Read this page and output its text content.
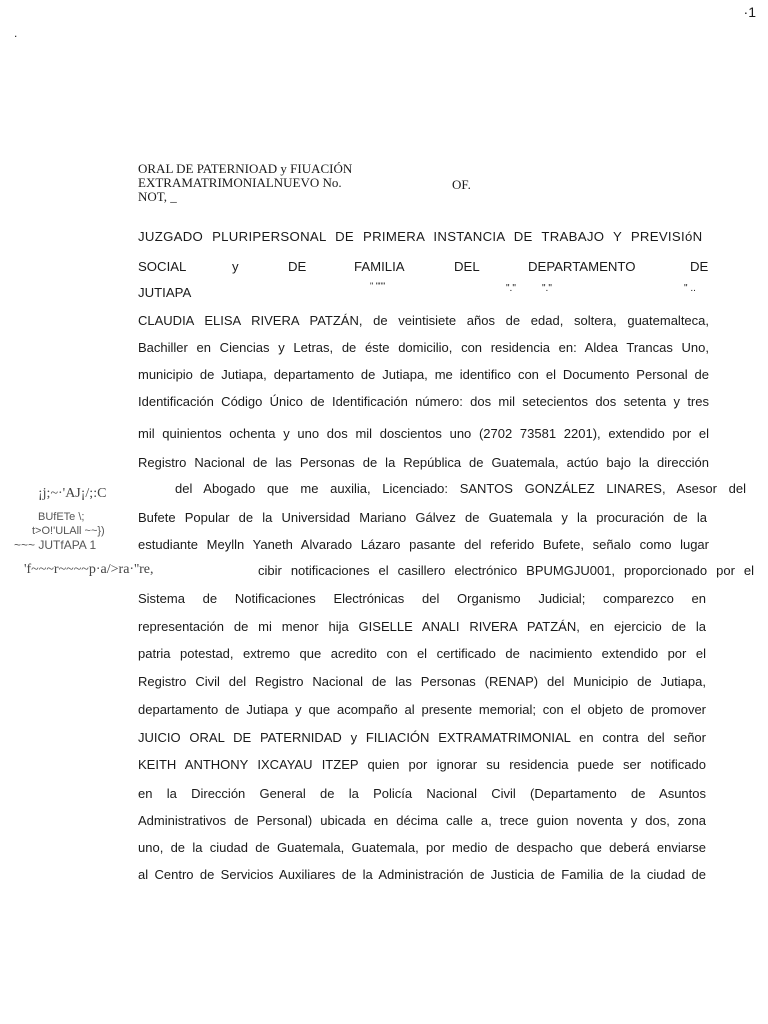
·1
.
ORAL DE PATERNIOAD y FIUACIÓN
EXTRAMATRIMONIALNUEVO No.
NOT, _
OF.
JUZGADO PLURIPERSONAL DE PRIMERA INSTANCIA DE TRABAJO Y PREVISIóN
SOCIAL	y	DE	FAMILIA	DEL	DEPARTAMENTO	DE
JUTIAPA	" """	"."	"."	" ..
CLAUDIA ELISA RIVERA PATZÁN, de veintisiete años de edad, soltera, guatemalteca,
Bachiller en Ciencias y Letras, de éste domicilio, con residencia en: Aldea Trancas Uno,
municipio de Jutiapa, departamento de Jutiapa, me identifico con el Documento Personal de
Identificación Código Único de Identificación número: dos mil setecientos dos setenta y tres
mil quinientos ochenta y uno dos mil doscientos uno (2702 73581 2201), extendido por el
Registro Nacional de las Personas de la República de Guatemala, actúo bajo la dirección
del Abogado que me auxilia, Licenciado: SANTOS GONZÁLEZ LINARES, Asesor del
Bufete Popular de la Universidad Mariano Gálvez de Guatemala y la procuración de la
estudiante Meylln Yaneth Alvarado Lázaro pasante del referido Bufete, señalo como lugar
cibir notificaciones el casillero electrónico BPUMGJU001, proporcionado por el
Sistema de Notificaciones Electrónicas del Organismo Judicial; comparezco en
representación de mi menor hija GISELLE ANALI RIVERA PATZÁN, en ejercicio de la
patria potestad, extremo que acredito con el certificado de nacimiento extendido por el
Registro Civil del Registro Nacional de las Personas (RENAP) del Municipio de Jutiapa,
departamento de Jutiapa y que acompaño al presente memorial; con el objeto de promover
JUICIO ORAL DE PATERNIDAD y FILIACIÓN EXTRAMATRIMONIAL en contra del señor
KEITH ANTHONY IXCAYAU ITZEP quien por ignorar su residencia puede ser notificado
en la Dirección General de la Policía Nacional Civil (Departamento de Asuntos
Administrativos de Personal) ubicada en décima calle a, trece guion noventa y dos, zona
uno, de la ciudad de Guatemala, Guatemala, por medio de despacho que deberá enviarse
al Centro de Servicios Auxiliares de la Administración de Justicia de Familia de la ciudad de
¡j;~·'AJ¡/;:C
BUfETe \;
t>O!'ULAll ~~})
~~~ JUTfAPA 1
'f~~~r~~~~p·a/>ra·''re,
